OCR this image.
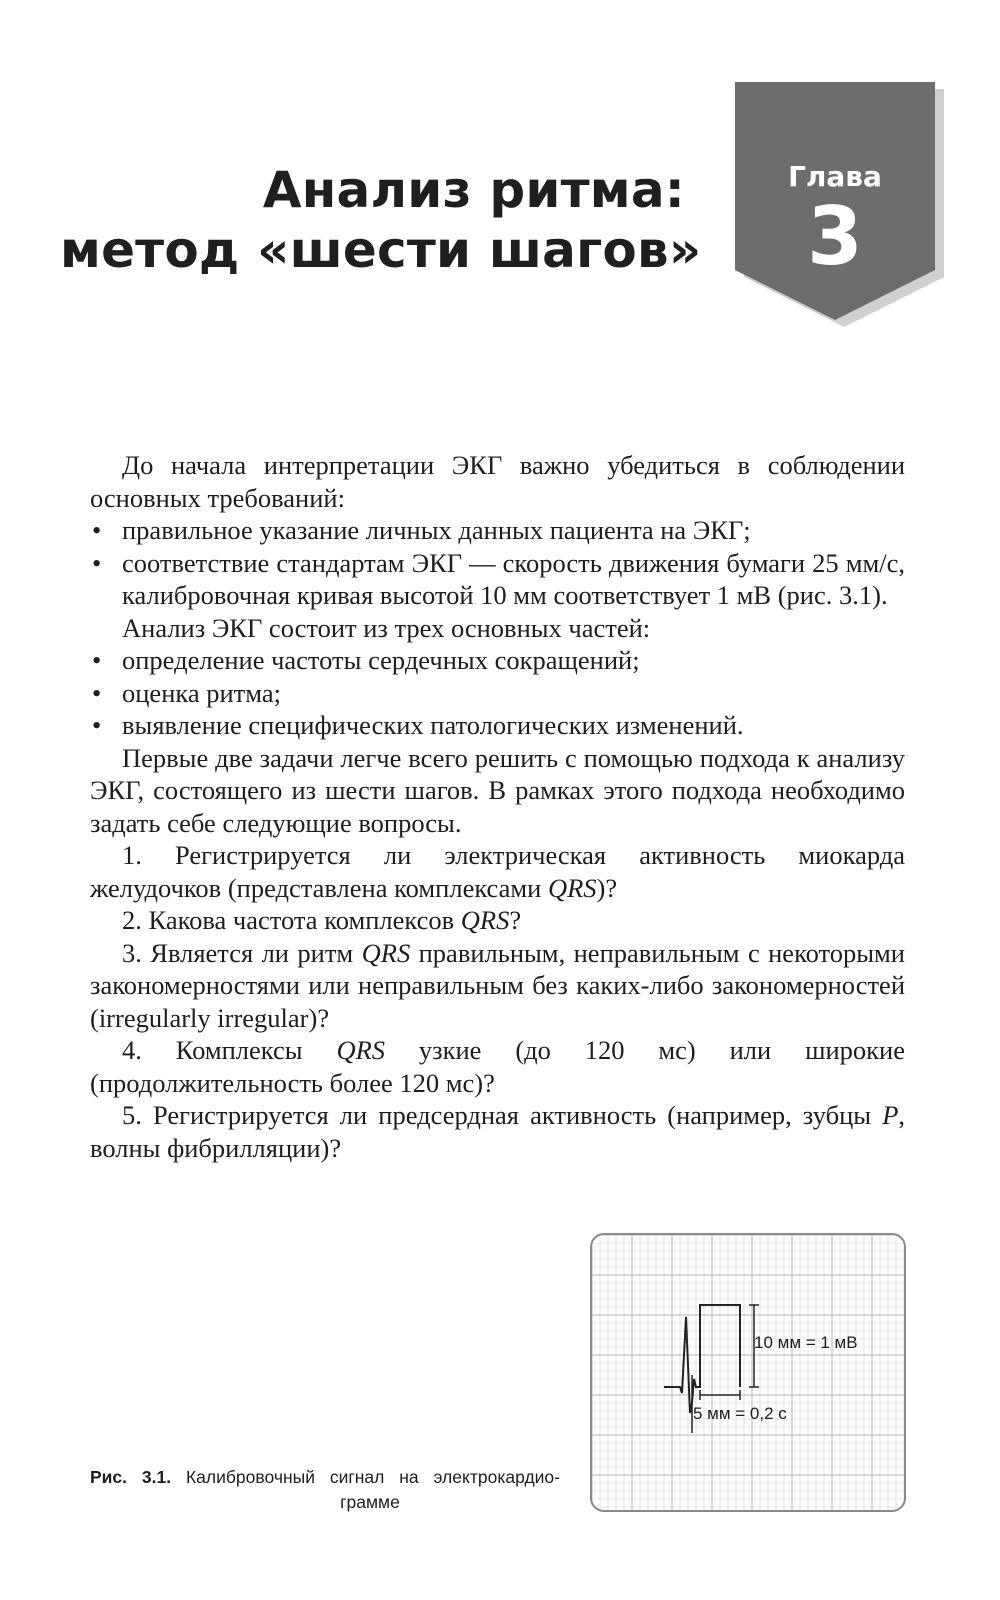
Анализ ритма:
метод «шести шагов»
Глава
3

До начала интерпретации ЭКГ важно убедиться в соблюдении основных требований:

• правильное указание личных данных пациента на ЭКГ;
• соответствие стандартам ЭКГ — скорость движения бумаги 25 мм/с, калибровочная кривая высотой 10 мм соответствует 1 мВ (рис. 3.1).

Анализ ЭКГ состоит из трех основных частей:

• определение частоты сердечных сокращений;
• оценка ритма;
• выявление специфических патологических изменений.

Первые две задачи легче всего решить с помощью подхода к анализу ЭКГ, состоящего из шести шагов. В рамках этого подхода необходимо задать себе следующие вопросы.

1. Регистрируется ли электрическая активность миокарда желудочков (представлена комплексами QRS)?

2. Какова частота комплексов QRS?

3. Является ли ритм QRS правильным, неправильным с некоторыми закономерностями или неправильным без каких-либо закономерностей (irregularly irregular)?

4. Комплексы QRS узкие (до 120 мс) или широкие (продолжительность более 120 мс)?

5. Регистрируется ли предсердная активность (например, зубцы P, волны фибрилляции)?

10 мм = 1 мВ
5 мм = 0,2 с
Рис. 3.1. Калибровочный сигнал на электрокардио-
грамме
